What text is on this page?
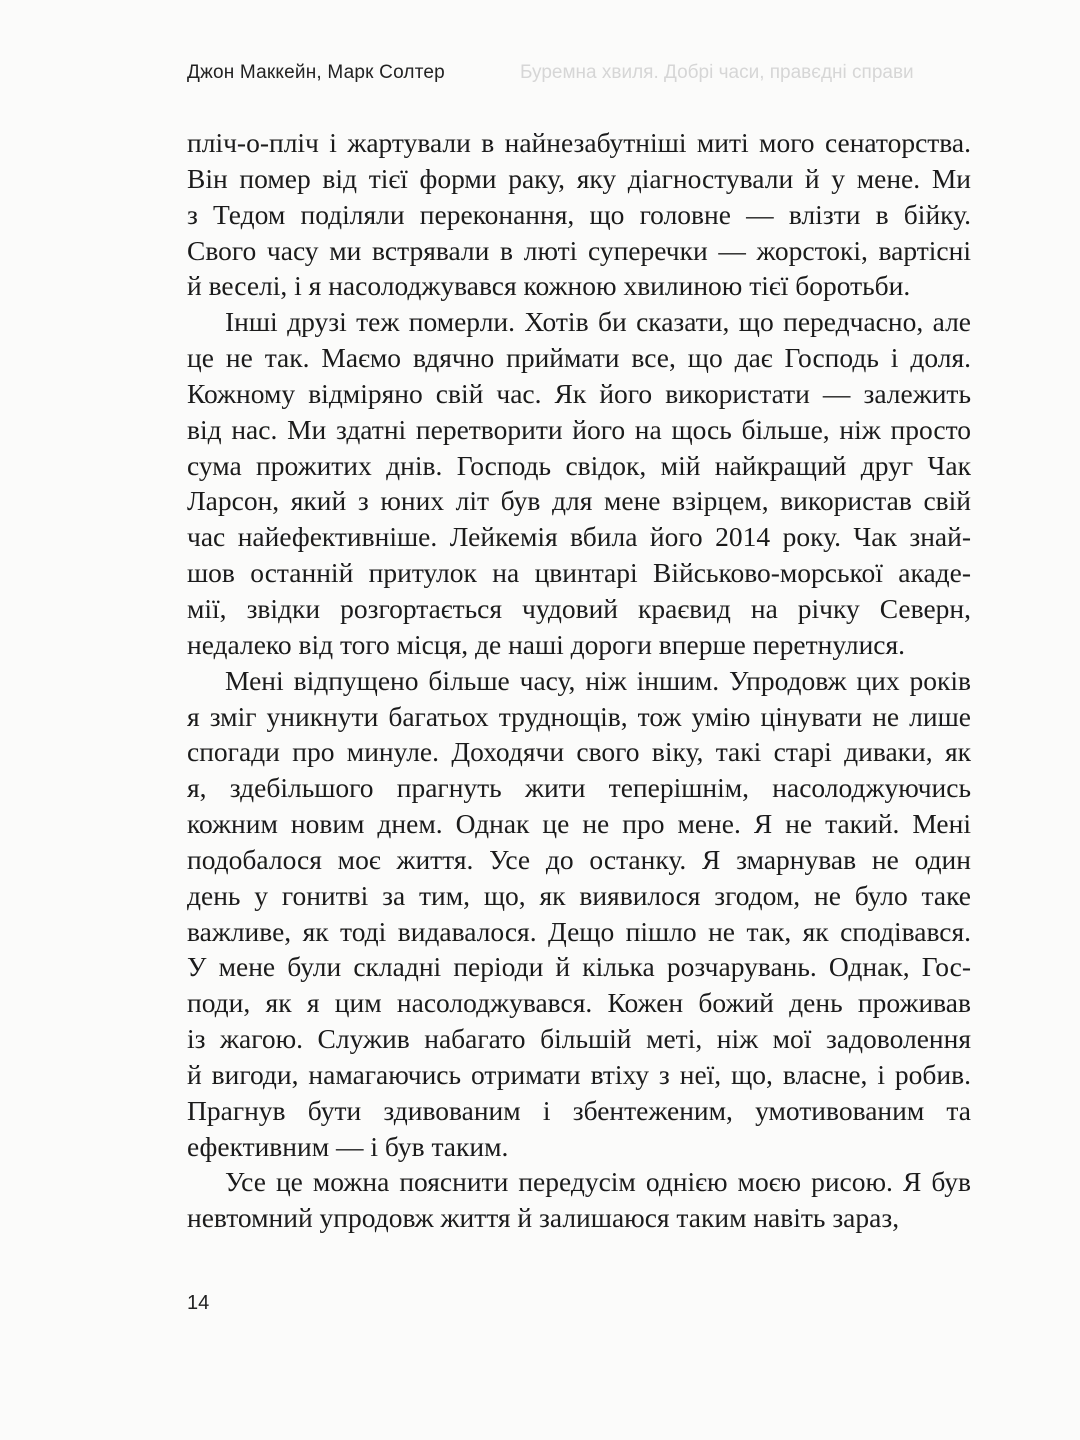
Джон Маккейн, Марк Солтер	Буремна хвиля. Добрі часи, правєдні справи
пліч-о-пліч і жартували в найнезабутніші миті мого сенаторства.
Він помер від тієї форми раку, яку діагностували й у мене. Ми
з Тедом поділяли переконання, що головне — влізти в бійку.
Свого часу ми встрявали в люті суперечки — жорстокі, вартісні
й веселі, і я насолоджувався кожною хвилиною тієї боротьби.
Інші друзі теж померли. Хотів би сказати, що передчасно, але
це не так. Маємо вдячно приймати все, що дає Господь і доля.
Кожному відміряно свій час. Як його використати — залежить
від нас. Ми здатні перетворити його на щось більше, ніж просто
сума прожитих днів. Господь свідок, мій найкращий друг Чак
Ларсон, який з юних літ був для мене взірцем, використав свій
час найефективніше. Лейкемія вбила його 2014 року. Чак знай-
шов останній притулок на цвинтарі Військово-морської акаде-
мії, звідки розгортається чудовий краєвид на річку Северн,
недалеко від того місця, де наші дороги вперше перетнулися.
Мені відпущено більше часу, ніж іншим. Упродовж цих років
я зміг уникнути багатьох труднощів, тож умію цінувати не лише
спогади про минуле. Доходячи свого віку, такі старі диваки, як
я, здебільшого прагнуть жити теперішнім, насолоджуючись
кожним новим днем. Однак це не про мене. Я не такий. Мені
подобалося моє життя. Усе до останку. Я змарнував не один
день у гонитві за тим, що, як виявилося згодом, не було таке
важливе, як тоді видавалося. Дещо пішло не так, як сподівався.
У мене були складні періоди й кілька розчарувань. Однак, Гос-
поди, як я цим насолоджувався. Кожен божий день проживав
із жагою. Служив набагато більшій меті, ніж мої задоволення
й вигоди, намагаючись отримати втіху з неї, що, власне, і робив.
Прагнув бути здивованим і збентеженим, умотивованим та
ефективним — і був таким.
Усе це можна пояснити передусім однією моєю рисою. Я був
невтомний упродовж життя й залишаюся таким навіть зараз,
14
